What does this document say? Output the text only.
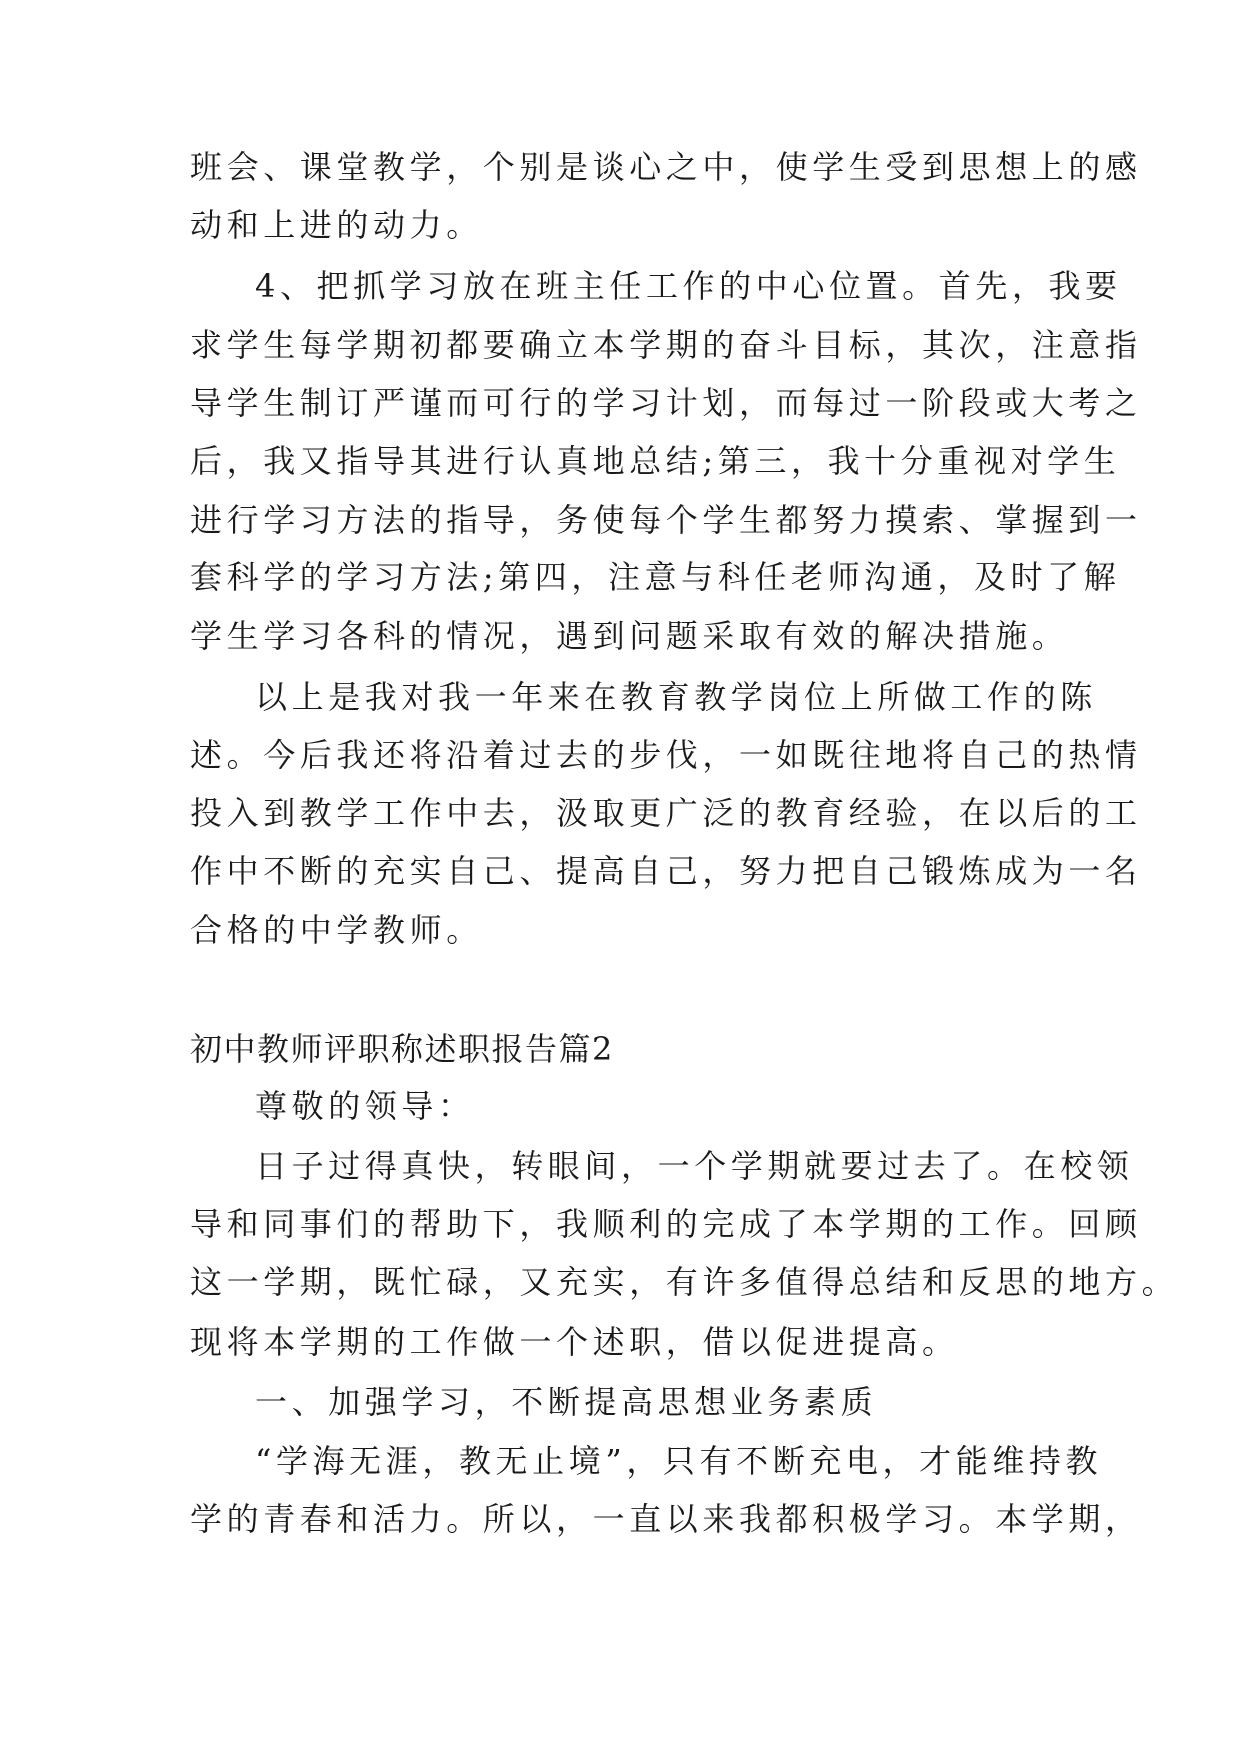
班会、课堂教学，个别是谈心之中，使学生受到思想上的感
动和上进的动力。
4、把抓学习放在班主任工作的中心位置。首先，我要
求学生每学期初都要确立本学期的奋斗目标，其次，注意指
导学生制订严谨而可行的学习计划，而每过一阶段或大考之
后，我又指导其进行认真地总结;第三，我十分重视对学生
进行学习方法的指导，务使每个学生都努力摸索、掌握到一
套科学的学习方法;第四，注意与科任老师沟通，及时了解
学生学习各科的情况，遇到问题采取有效的解决措施。
以上是我对我一年来在教育教学岗位上所做工作的陈
述。今后我还将沿着过去的步伐，一如既往地将自己的热情
投入到教学工作中去，汲取更广泛的教育经验，在以后的工
作中不断的充实自己、提高自己，努力把自己锻炼成为一名
合格的中学教师。
初中教师评职称述职报告篇2
尊敬的领导：
日子过得真快，转眼间，一个学期就要过去了。在校领
导和同事们的帮助下，我顺利的完成了本学期的工作。回顾
这一学期，既忙碌，又充实，有许多值得总结和反思的地方。
现将本学期的工作做一个述职，借以促进提高。
一、加强学习，不断提高思想业务素质
“学海无涯，教无止境”，只有不断充电，才能维持教
学的青春和活力。所以，一直以来我都积极学习。本学期，
